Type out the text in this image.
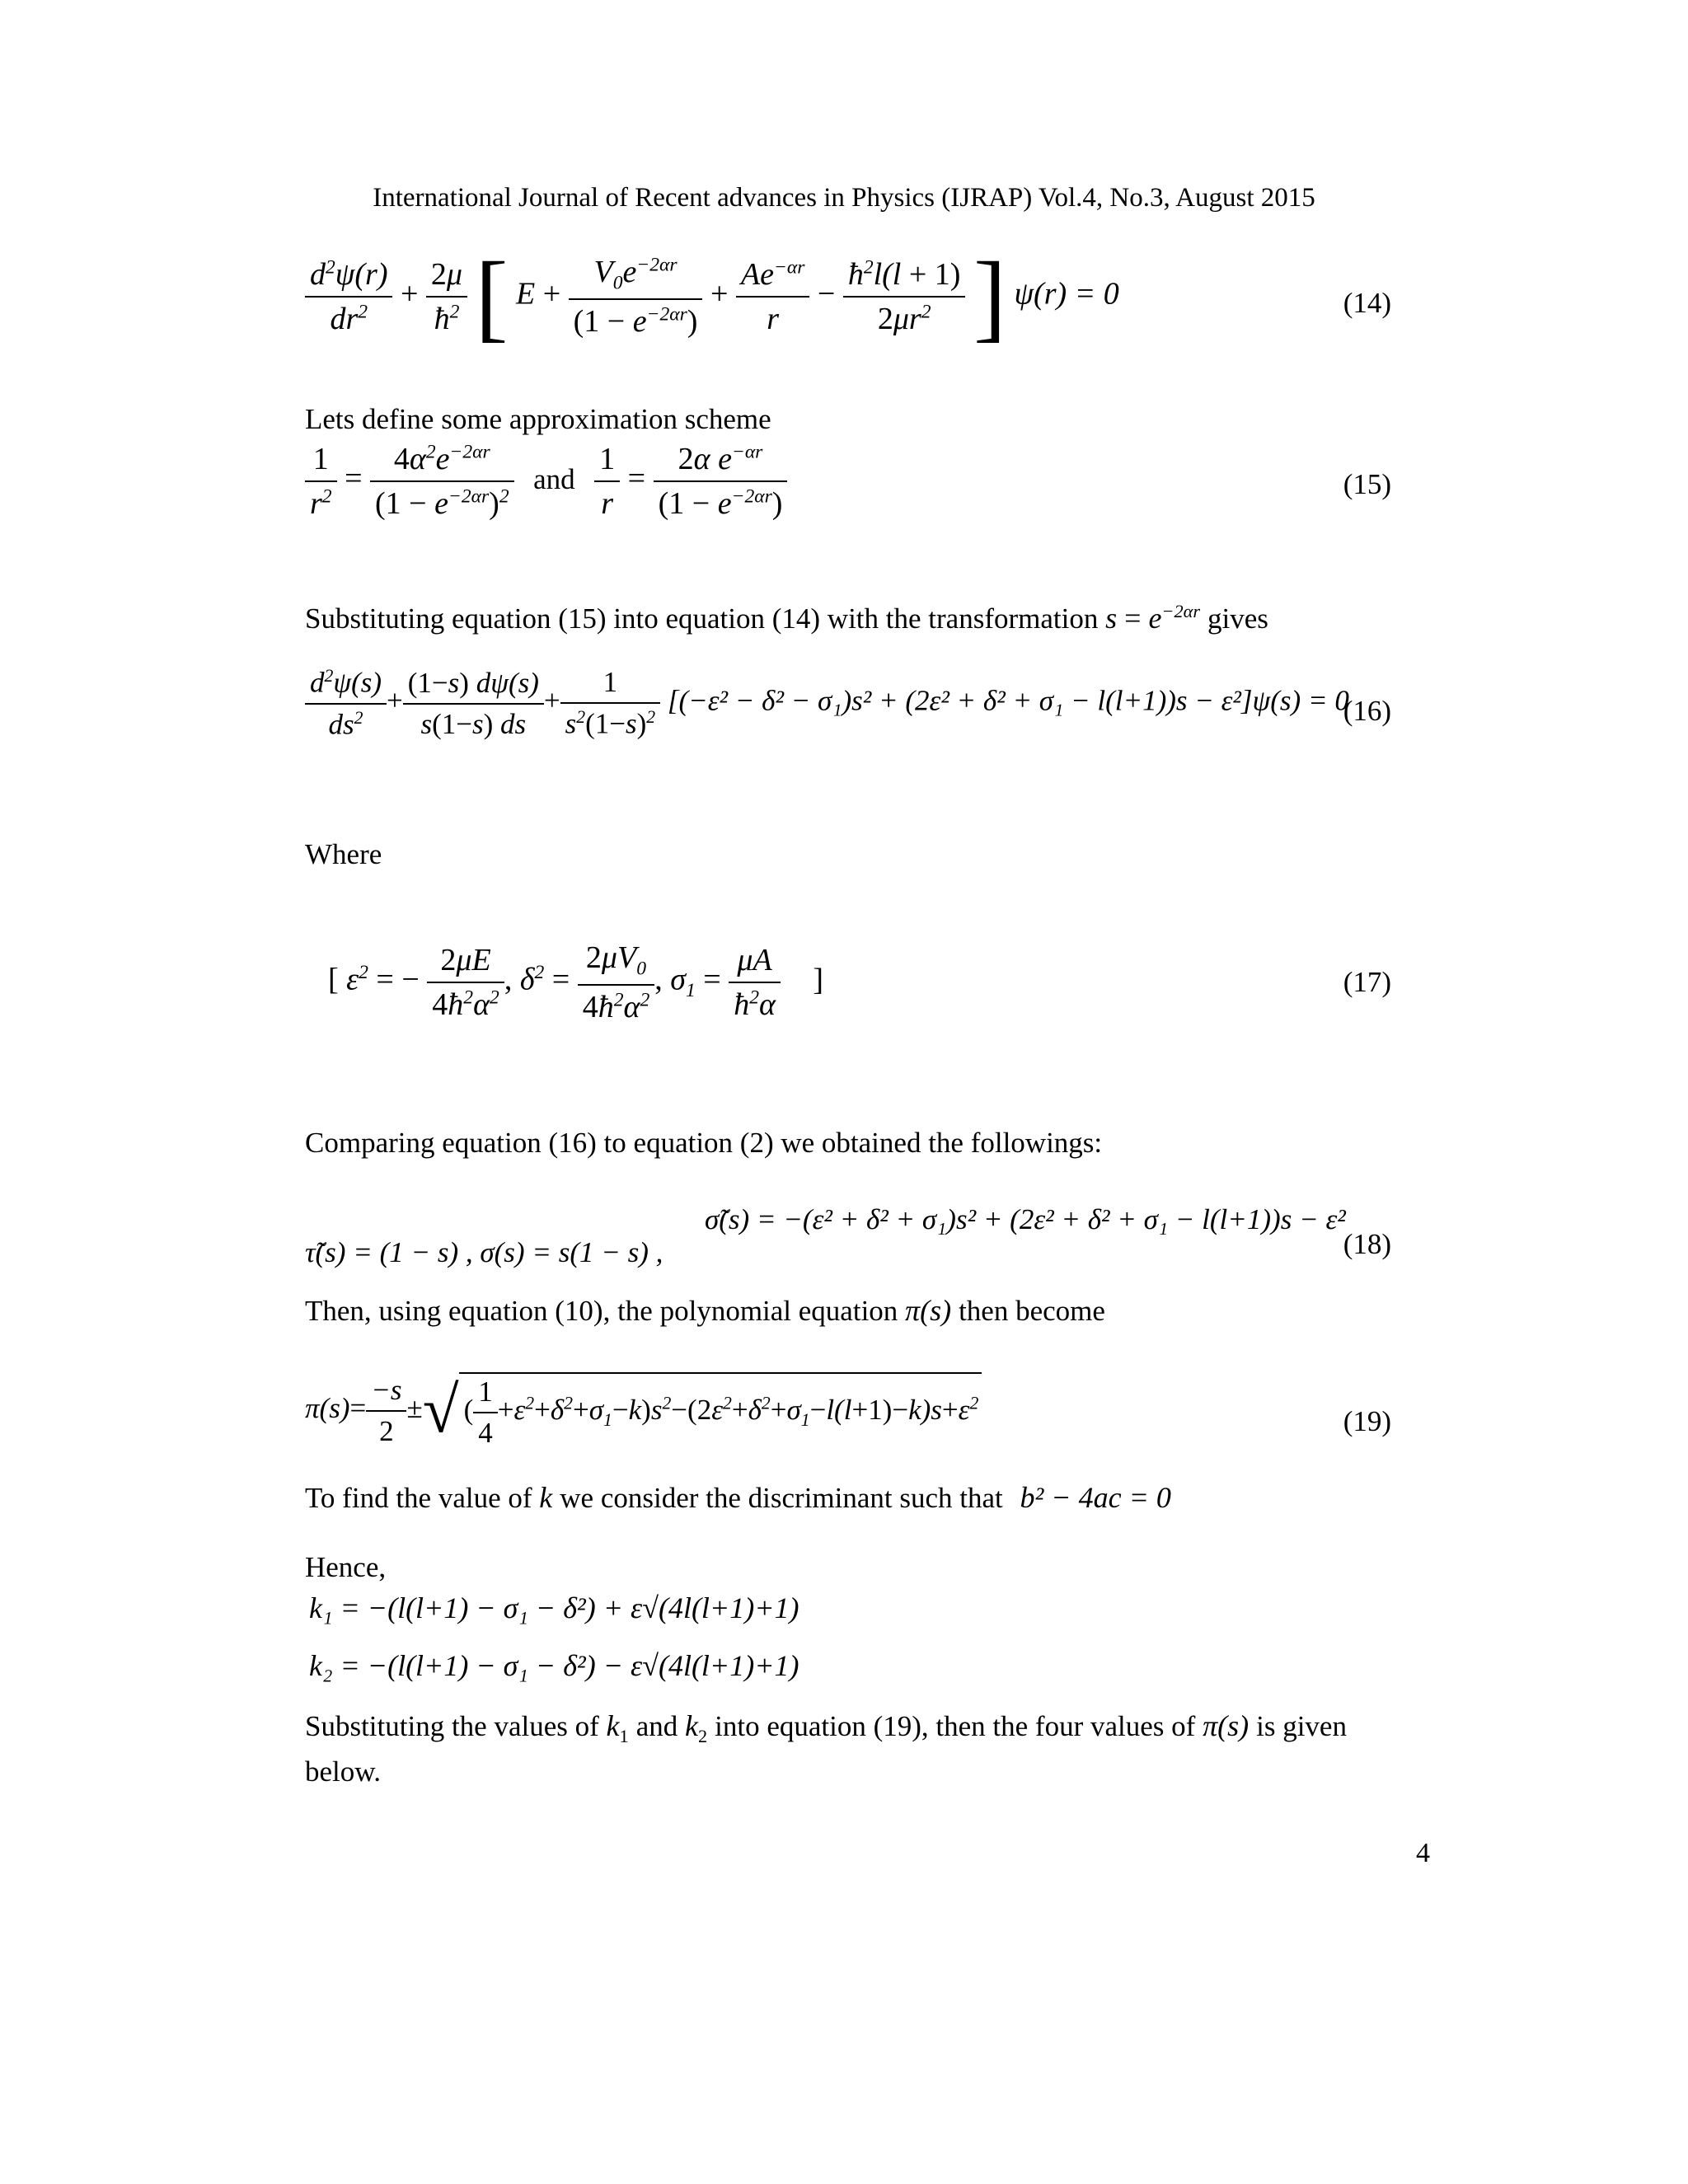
International Journal of Recent advances in Physics (IJRAP) Vol.4, No.3, August 2015
$\frac{d^2\psi(r)}{dr^2} + \frac{2\mu}{ħ^2}$ [ $E + \frac{V_0e^{-2\alpha r}}{(1 - e^{-2\alpha r})} + \frac{Ae^{-\alpha r}}{r} - \frac{ħ^2l(l + 1)}{2\mu r^2}$ ] ψ(r) = 0	(14)
Lets define some approximation scheme
$\frac{1}{r^2} = \frac{4\alpha^2e^{-2\alpha r}}{(1 - e^{-2\alpha r})^2}$ and $\frac{1}{r} = \frac{2\alpha e^{-\alpha r}}{(1 - e^{-2\alpha r})}$	(15)
Substituting equation (15) into equation (14) with the transformation $s = e^{-2\alpha r}$ gives
$\frac{d^2\psi(s)}{ds^2} + \frac{(1-s) d\psi(s)}{s(1-s) ds} + \frac{1}{s^2(1-s)^2} [(-\varepsilon^2 - \delta^2 - \sigma_1)s^2 + (2\varepsilon^2 + \delta^2 + \sigma_1 - l(l+1))s - \varepsilon^2]\psi(s) = 0$
(16)
Where
[ $\varepsilon^2$ = − $\frac{2\mu E}{4ħ^2\alpha^2}$ , $\delta^2 = \frac{2\mu V_0}{4ħ^2\alpha^2}$ , $\sigma_1 = \frac{\mu A}{ħ^2\alpha}$ ]	(17)
Comparing equation (16) to equation (2) we obtained the followings:
τ̃(s) = (1 − s) , σ(s) = s(1 − s) ,
σ̃(s) = −(ε² + δ² + σ₁)s² + (2ε² + δ² + σ₁ − l(l+1))s − ε²
(18)
Then, using equation (10), the polynomial equation π(s) then become
$\pi(s)= \frac{-s}{2}$ ±√ ( $\frac{1}{4} +\varepsilon^2+\delta^2+\sigma_1-k)s^2-(2\varepsilon^2+\delta^2+\sigma_1-l(l+1)-k)s+\varepsilon^2$
(19)
To find the value of k we consider the discriminant such that b² − 4ac = 0
Hence,
k₁ = −(l(l+1) − σ₁ − δ²) + ε√(4l(l+1)+1)
k₂ = −(l(l+1) − σ₁ − δ²) − ε√(4l(l+1)+1)
Substituting the values of $k_1$ and $k_2$ into equation (19), then the four values of π(s) is given
below.
4
